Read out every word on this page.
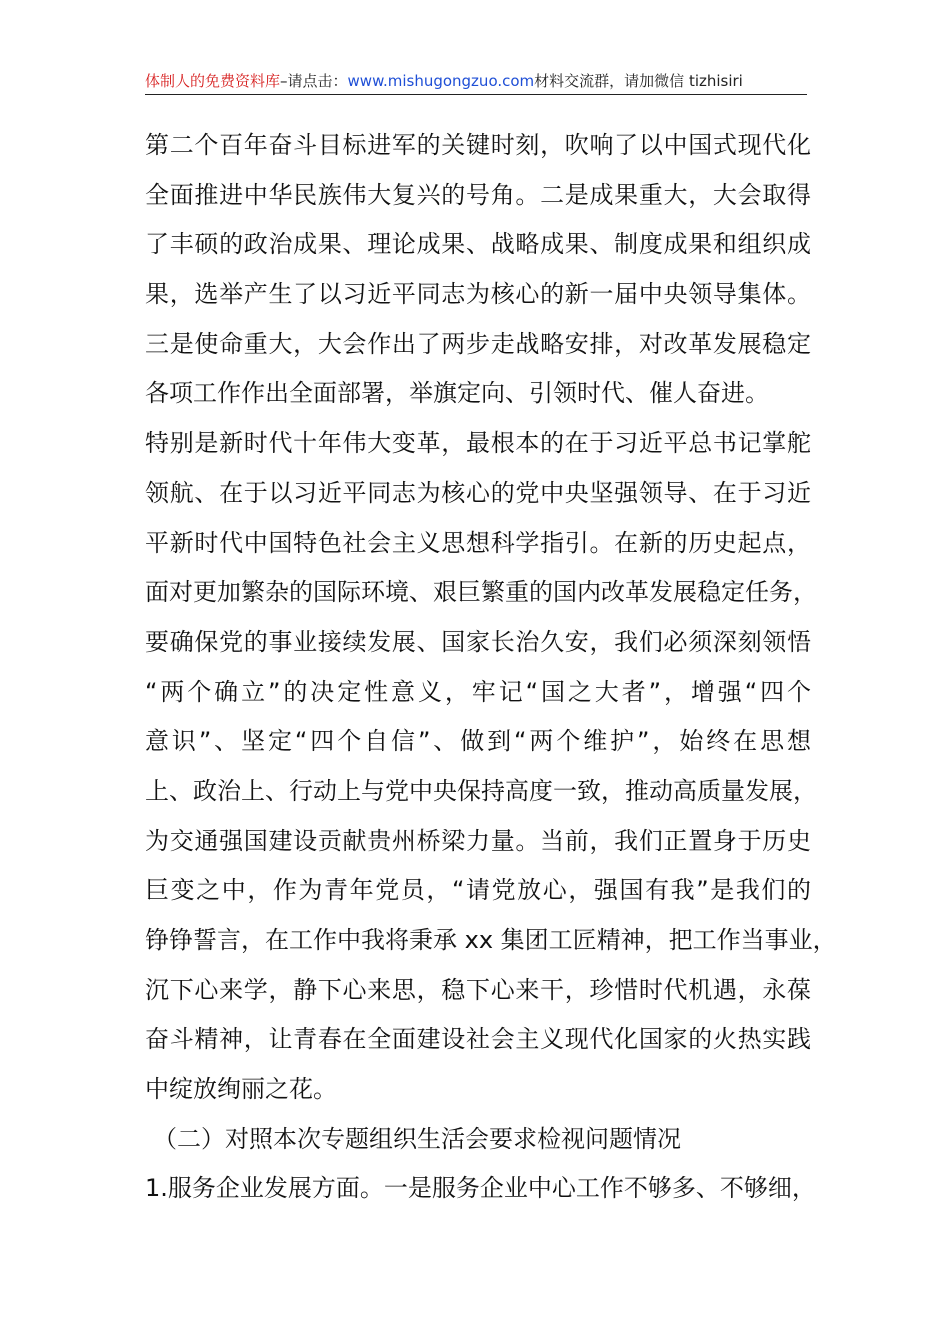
体制人的免费资料库–请点击：www.mishugongzuo.com材料交流群，请加微信 tizhisiri
第二个百年奋斗目标进军的关键时刻，吹响了以中国式现代化
全面推进中华民族伟大复兴的号角。二是成果重大，大会取得
了丰硕的政治成果、理论成果、战略成果、制度成果和组织成
果，选举产生了以习近平同志为核心的新一届中央领导集体。
三是使命重大，大会作出了两步走战略安排，对改革发展稳定
各项工作作出全面部署，举旗定向、引领时代、催人奋进。
特别是新时代十年伟大变革，最根本的在于习近平总书记掌舵
领航、在于以习近平同志为核心的党中央坚强领导、在于习近
平新时代中国特色社会主义思想科学指引。在新的历史起点，
面对更加繁杂的国际环境、艰巨繁重的国内改革发展稳定任务，
要确保党的事业接续发展、国家长治久安，我们必须深刻领悟
“两个确立”的决定性意义，牢记“国之大者”，增强“四个
意识”、坚定“四个自信”、做到“两个维护”，始终在思想
上、政治上、行动上与党中央保持高度一致，推动高质量发展，
为交通强国建设贡献贵州桥梁力量。当前，我们正置身于历史
巨变之中，作为青年党员，“请党放心，强国有我”是我们的
铮铮誓言，在工作中我将秉承 xx 集团工匠精神，把工作当事业，
沉下心来学，静下心来思，稳下心来干，珍惜时代机遇，永葆
奋斗精神，让青春在全面建设社会主义现代化国家的火热实践
中绽放绚丽之花。
（二）对照本次专题组织生活会要求检视问题情况
1.服务企业发展方面。一是服务企业中心工作不够多、不够细，
